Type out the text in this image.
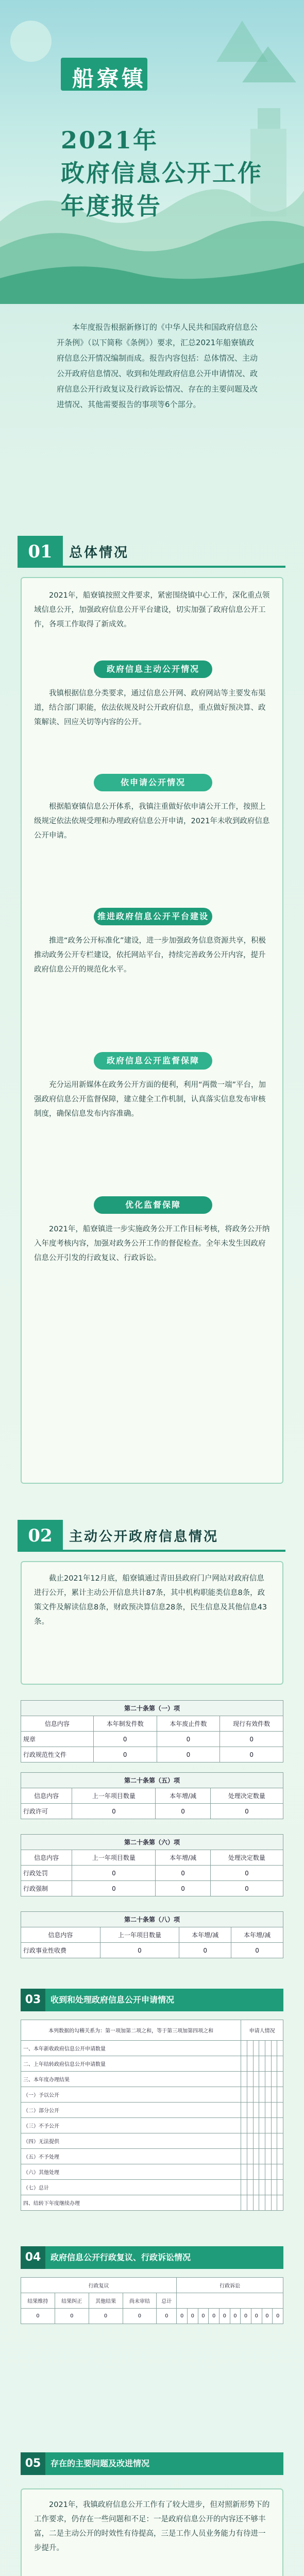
船寮镇
2021年
政府信息公开工作
年度报告
本年度报告根据新修订的《中华人民共和国政府信息公开条例》（以下简称《条例》）要求，汇总2021年船寮镇政府信息公开情况编制而成。报告内容包括：总体情况、主动公开政府信息情况、收到和处理政府信息公开申请情况、政府信息公开行政复议及行政诉讼情况、存在的主要问题及改进情况、其他需要报告的事项等6个部分。
01	总体情况
2021年，船寮镇按照文件要求，紧密围绕镇中心工作，深化重点领域信息公开，加强政府信息公开平台建设，切实加强了政府信息公开工作，各项工作取得了新成效。
政府信息主动公开情况
我镇根据信息分类要求，通过信息公开网、政府网站等主要发布渠道，结合部门职能，依法依规及时公开政府信息，重点做好预决算、政策解读、回应关切等内容的公开。
依申请公开情况
根据船寮镇信息公开体系，我镇注重做好依申请公开工作，按照上级规定依法依规受理和办理政府信息公开申请，2021年未收到政府信息公开申请。
推进政府信息公开平台建设
推进“政务公开标准化”建设，进一步加强政务信息资源共享，积极推动政务公开专栏建设，依托网站平台，持续完善政务公开内容，提升政府信息公开的规范化水平。
政府信息公开监督保障
充分运用新媒体在政务公开方面的便利，利用“两微一端”平台，加强政府信息公开监督保障，建立健全工作机制，认真落实信息发布审核制度，确保信息发布内容准确。
优化监督保障
2021年，船寮镇进一步实施政务公开工作目标考核，将政务公开纳入年度考核内容，加强对政务公开工作的督促检查。全年未发生因政府信息公开引发的行政复议、行政诉讼。
02	主动公开政府信息情况
截止2021年12月底，船寮镇通过青田县政府门户网站对政府信息进行公开，累计主动公开信息共计87条，其中机构职能类信息8条，政策文件及解读信息8条，财政预决算信息28条，民生信息及其他信息43条。
第二十条第（一）项			
信息内容	本年制发件数	本年废止件数	现行有效件数
规章	0	0	0
行政规范性文件	0	0	0
第二十条第（五）项			
信息内容	上一年项目数量	本年增/减	处理决定数量
行政许可	0	0	0
第二十条第（六）项			
信息内容	上一年项目数量	本年增/减	处理决定数量
行政处罚	0	0	0
行政强制	0	0	0
第二十条第（八）项			
信息内容	上一年项目数量	本年增/减	本年增/减
行政事业性收费	0	0	0
03	收到和处理政府信息公开申请情况
本列数据的勾稽关系为：第一项加第二项之和，等于第三项加第四项之和	申请人情况						
一、本年新收政府信息公开申请数量							
二、上年结转政府信息公开申请数量							
三、本年度办理结果							
（一）予以公开							
（二）部分公开							
（三）不予公开							
（四）无法提供							
（五）不予处理							
（六）其他处理							
（七）总计							
四、结转下年度继续办理							
04	政府信息公开行政复议、行政诉讼情况
行政复议					行政诉讼									
结果维持	结果纠正	其他结果	尚未审结	总计										
0	0	0	0	0	0	0	0	0	0	0	0	0	0	0
05	存在的主要问题及改进情况
2021年，我镇政府信息公开工作有了较大进步，但对照新形势下的工作要求，仍存在一些问题和不足：一是政府信息公开的内容还不够丰富，二是主动公开的时效性有待提高，三是工作人员业务能力有待进一步提升。
